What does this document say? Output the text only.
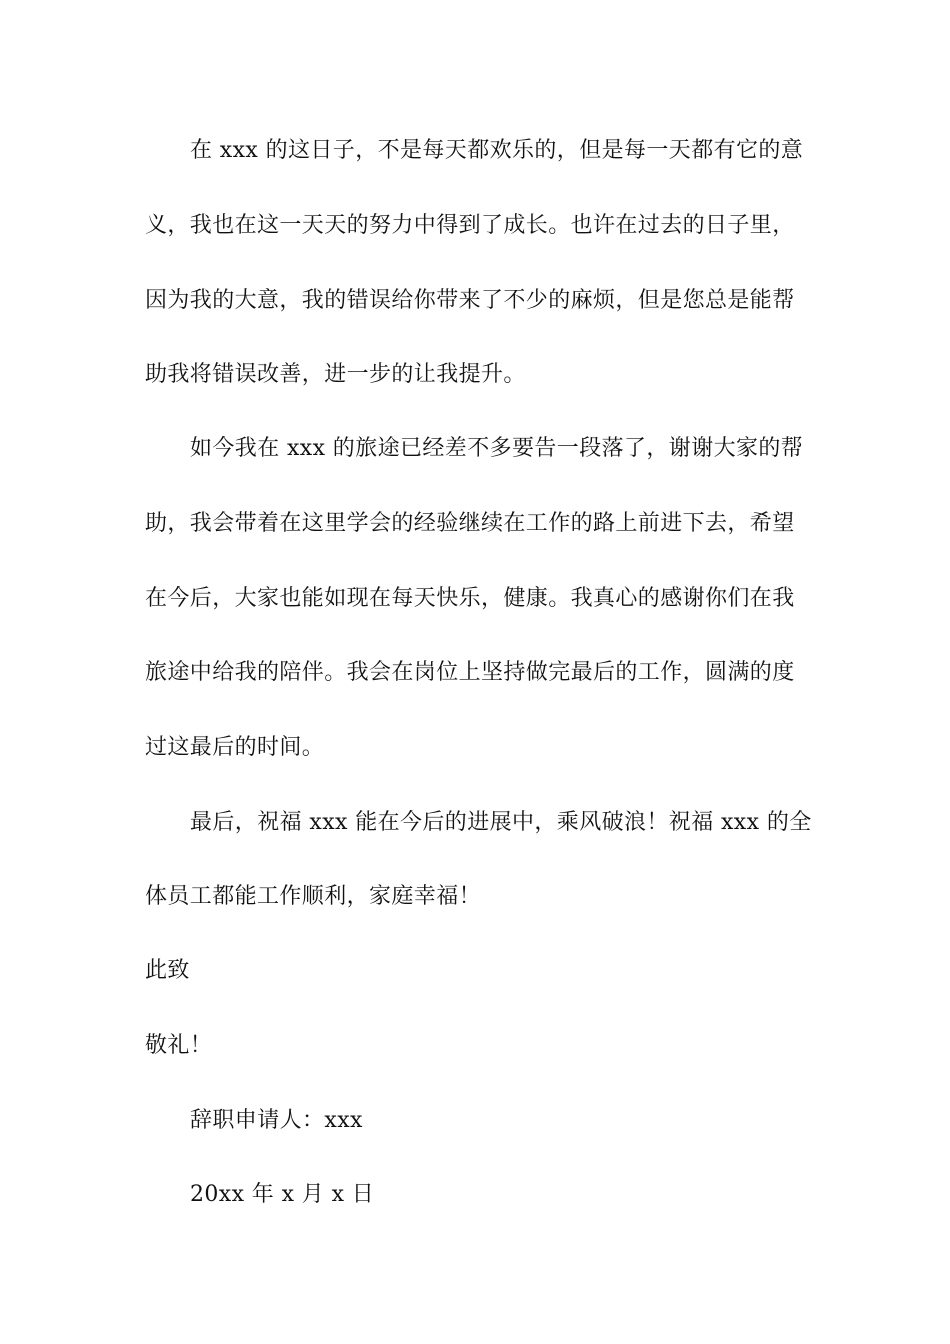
在 xxx 的这日子，不是每天都欢乐的，但是每一天都有它的意
义，我也在这一天天的努力中得到了成长。也许在过去的日子里，
因为我的大意，我的错误给你带来了不少的麻烦，但是您总是能帮
助我将错误改善，进一步的让我提升。
如今我在 xxx 的旅途已经差不多要告一段落了，谢谢大家的帮
助，我会带着在这里学会的经验继续在工作的路上前进下去，希望
在今后，大家也能如现在每天快乐，健康。我真心的感谢你们在我
旅途中给我的陪伴。我会在岗位上坚持做完最后的工作，圆满的度
过这最后的时间。
最后，祝福 xxx 能在今后的进展中，乘风破浪！祝福 xxx 的全
体员工都能工作顺利，家庭幸福！
此致
敬礼！
辞职申请人：xxx
20xx 年 x 月 x 日
